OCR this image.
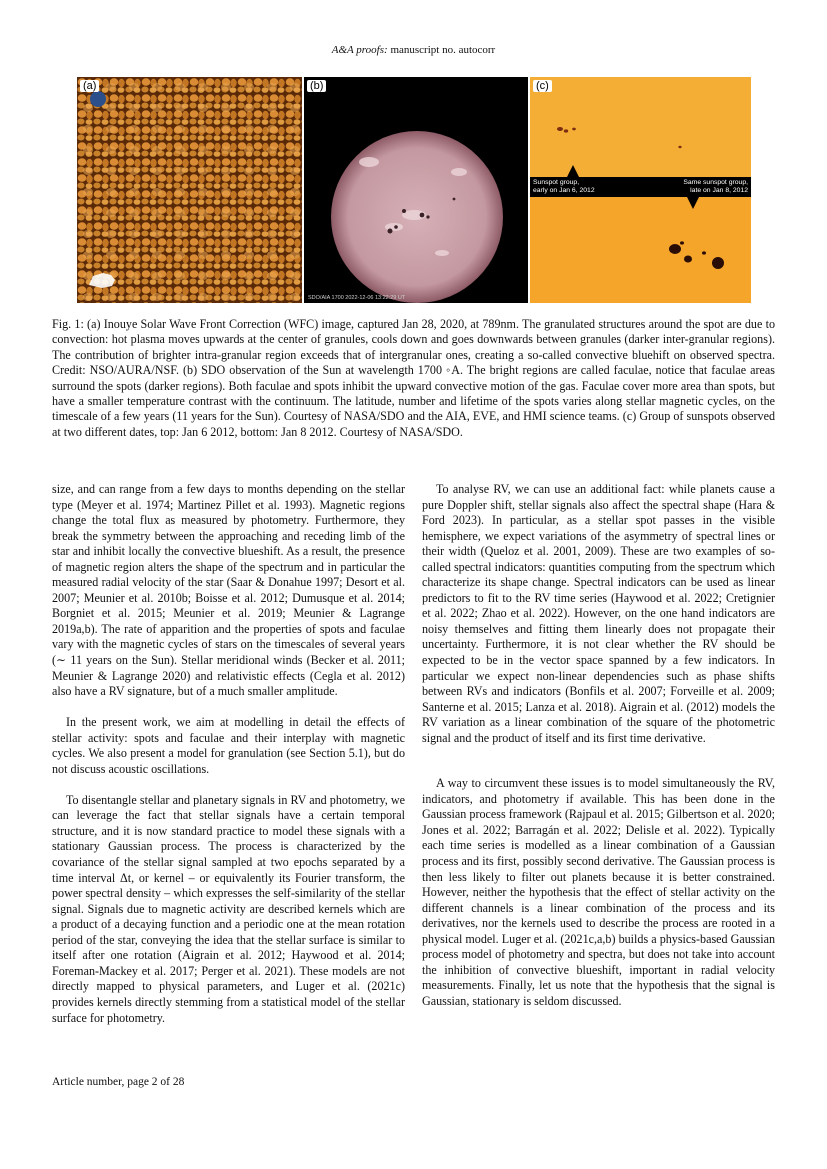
A&A proofs: manuscript no. autocorr
(a)
SDO/AIA 1700 2022-12-06 13:22:29 UT
(b)
Sunspot group,
early on Jan 6, 2012
Same sunspot group,
late on Jan 8, 2012
(c)
Fig. 1: (a) Inouye Solar Wave Front Correction (WFC) image, captured Jan 28, 2020, at 789nm. The granulated structures around the spot are due to convection: hot plasma moves upwards at the center of granules, cools down and goes downwards between granules (darker inter-granular regions). The contribution of brighter intra-granular region exceeds that of intergranular ones, creating a so-called convective bluehift on observed spectra. Credit: NSO/AURA/NSF. (b) SDO observation of the Sun at wavelength 1700 ◦A. The bright regions are called faculae, notice that faculae areas surround the spots (darker regions). Both faculae and spots inhibit the upward convective motion of the gas. Faculae cover more area than spots, but have a smaller temperature contrast with the continuum. The latitude, number and lifetime of the spots varies along stellar magnetic cycles, on the timescale of a few years (11 years for the Sun). Courtesy of NASA/SDO and the AIA, EVE, and HMI science teams. (c) Group of sunspots observed at two different dates, top: Jan 6 2012, bottom: Jan 8 2012. Courtesy of NASA/SDO.

size, and can range from a few days to months depending on the stellar type (Meyer et al. 1974; Martinez Pillet et al. 1993). Magnetic regions change the total flux as measured by photometry. Furthermore, they break the symmetry between the approaching and receding limb of the star and inhibit locally the convective blueshift. As a result, the presence of magnetic region alters the shape of the spectrum and in particular the measured radial velocity of the star (Saar & Donahue 1997; Desort et al. 2007; Meunier et al. 2010b; Boisse et al. 2012; Dumusque et al. 2014; Borgniet et al. 2015; Meunier et al. 2019; Meunier & Lagrange 2019a,b). The rate of apparition and the properties of spots and faculae vary with the magnetic cycles of stars on the timescales of several years (∼ 11 years on the Sun). Stellar meridional winds (Becker et al. 2011; Meunier & Lagrange 2020) and relativistic effects (Cegla et al. 2012) also have a RV signature, but of a much smaller amplitude.

In the present work, we aim at modelling in detail the effects of stellar activity: spots and faculae and their interplay with magnetic cycles. We also present a model for granulation (see Section 5.1), but do not discuss acoustic oscillations.

To disentangle stellar and planetary signals in RV and photometry, we can leverage the fact that stellar signals have a certain temporal structure, and it is now standard practice to model these signals with a stationary Gaussian process. The process is characterized by the covariance of the stellar signal sampled at two epochs separated by a time interval Δt, or kernel – or equivalently its Fourier transform, the power spectral density – which expresses the self-similarity of the stellar signal. Signals due to magnetic activity are described kernels which are a product of a decaying function and a periodic one at the mean rotation period of the star, conveying the idea that the stellar surface is similar to itself after one rotation (Aigrain et al. 2012; Haywood et al. 2014; Foreman-Mackey et al. 2017; Perger et al. 2021). These models are not directly mapped to physical parameters, and Luger et al. (2021c) provides kernels directly stemming from a statistical model of the stellar surface for photometry.

To analyse RV, we can use an additional fact: while planets cause a pure Doppler shift, stellar signals also affect the spectral shape (Hara & Ford 2023). In particular, as a stellar spot passes in the visible hemisphere, we expect variations of the asymmetry of spectral lines or their width (Queloz et al. 2001, 2009). These are two examples of so-called spectral indicators: quantities computing from the spectrum which characterize its shape change. Spectral indicators can be used as linear predictors to fit to the RV time series (Haywood et al. 2022; Cretignier et al. 2022; Zhao et al. 2022). However, on the one hand indicators are noisy themselves and fitting them linearly does not propagate their uncertainty. Furthermore, it is not clear whether the RV should be expected to be in the vector space spanned by a few indicators. In particular we expect non-linear dependencies such as phase shifts between RVs and indicators (Bonfils et al. 2007; Forveille et al. 2009; Santerne et al. 2015; Lanza et al. 2018). Aigrain et al. (2012) models the RV variation as a linear combination of the square of the photometric signal and the product of itself and its first time derivative.

A way to circumvent these issues is to model simultaneously the RV, indicators, and photometry if available. This has been done in the Gaussian process framework (Rajpaul et al. 2015; Gilbertson et al. 2020; Jones et al. 2022; Barragán et al. 2022; Delisle et al. 2022). Typically each time series is modelled as a linear combination of a Gaussian process and its first, possibly second derivative. The Gaussian process is then less likely to filter out planets because it is better constrained. However, neither the hypothesis that the effect of stellar activity on the different channels is a linear combination of the process and its derivatives, nor the kernels used to describe the process are rooted in a physical model. Luger et al. (2021c,a,b) builds a physics-based Gaussian process model of photometry and spectra, but does not take into account the inhibition of convective blueshift, important in radial velocity measurements. Finally, let us note that the hypothesis that the signal is Gaussian, stationary is seldom discussed.

Article number, page 2 of 28
